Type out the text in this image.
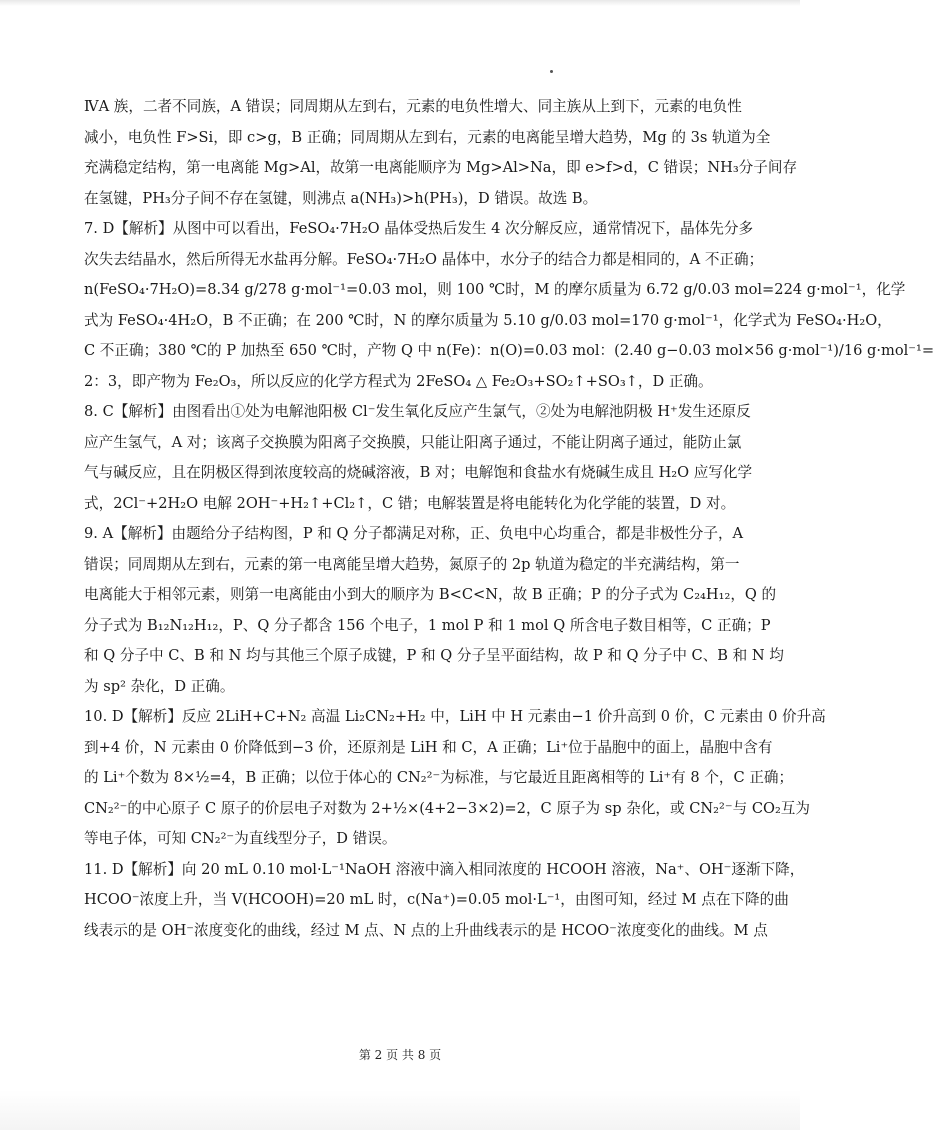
ⅣA 族，二者不同族，A 错误；同周期从左到右，元素的电负性增大、同主族从上到下，元素的电负性
减小，电负性 F>Si，即 c>g，B 正确；同周期从左到右，元素的电离能呈增大趋势，Mg 的 3s 轨道为全
充满稳定结构，第一电离能 Mg>Al，故第一电离能顺序为 Mg>Al>Na，即 e>f>d，C 错误；NH₃分子间存
在氢键，PH₃分子间不存在氢键，则沸点 a(NH₃)>h(PH₃)，D 错误。故选 B。
7. D【解析】从图中可以看出，FeSO₄·7H₂O 晶体受热后发生 4 次分解反应，通常情况下，晶体先分多
次失去结晶水，然后所得无水盐再分解。FeSO₄·7H₂O 晶体中，水分子的结合力都是相同的，A 不正确；
n(FeSO₄·7H₂O)=8.34 g/278 g·mol⁻¹=0.03 mol，则 100 ℃时，M 的摩尔质量为 6.72 g/0.03 mol=224 g·mol⁻¹，化学
式为 FeSO₄·4H₂O，B 不正确；在 200 ℃时，N 的摩尔质量为 5.10 g/0.03 mol=170 g·mol⁻¹，化学式为 FeSO₄·H₂O，
C 不正确；380 ℃的 P 加热至 650 ℃时，产物 Q 中 n(Fe)：n(O)=0.03 mol：(2.40 g−0.03 mol×56 g·mol⁻¹)/16 g·mol⁻¹=
2：3，即产物为 Fe₂O₃，所以反应的化学方程式为 2FeSO₄ △ Fe₂O₃+SO₂↑+SO₃↑，D 正确。
8. C【解析】由图看出①处为电解池阳极 Cl⁻发生氧化反应产生氯气，②处为电解池阴极 H⁺发生还原反
应产生氢气，A 对；该离子交换膜为阳离子交换膜，只能让阳离子通过，不能让阴离子通过，能防止氯
气与碱反应，且在阴极区得到浓度较高的烧碱溶液，B 对；电解饱和食盐水有烧碱生成且 H₂O 应写化学
式，2Cl⁻+2H₂O 电解 2OH⁻+H₂↑+Cl₂↑，C 错；电解装置是将电能转化为化学能的装置，D 对。
9. A【解析】由题给分子结构图，P 和 Q 分子都满足对称，正、负电中心均重合，都是非极性分子，A
错误；同周期从左到右，元素的第一电离能呈增大趋势，氮原子的 2p 轨道为稳定的半充满结构，第一
电离能大于相邻元素，则第一电离能由小到大的顺序为 B<C<N，故 B 正确；P 的分子式为 C₂₄H₁₂，Q 的
分子式为 B₁₂N₁₂H₁₂，P、Q 分子都含 156 个电子，1 mol P 和 1 mol Q 所含电子数目相等，C 正确；P
和 Q 分子中 C、B 和 N 均与其他三个原子成键，P 和 Q 分子呈平面结构，故 P 和 Q 分子中 C、B 和 N 均
为 sp² 杂化，D 正确。
10. D【解析】反应 2LiH+C+N₂ 高温 Li₂CN₂+H₂ 中，LiH 中 H 元素由−1 价升高到 0 价，C 元素由 0 价升高
到+4 价，N 元素由 0 价降低到−3 价，还原剂是 LiH 和 C，A 正确；Li⁺位于晶胞中的面上，晶胞中含有
的 Li⁺个数为 8×½=4，B 正确；以位于体心的 CN₂²⁻为标准，与它最近且距离相等的 Li⁺有 8 个，C 正确；
CN₂²⁻的中心原子 C 原子的价层电子对数为 2+½×(4+2−3×2)=2，C 原子为 sp 杂化，或 CN₂²⁻与 CO₂互为
等电子体，可知 CN₂²⁻为直线型分子，D 错误。
11. D【解析】向 20 mL 0.10 mol·L⁻¹NaOH 溶液中滴入相同浓度的 HCOOH 溶液，Na⁺、OH⁻逐渐下降，
HCOO⁻浓度上升，当 V(HCOOH)=20 mL 时，c(Na⁺)=0.05 mol·L⁻¹，由图可知，经过 M 点在下降的曲
线表示的是 OH⁻浓度变化的曲线，经过 M 点、N 点的上升曲线表示的是 HCOO⁻浓度变化的曲线。M 点
第 2 页 共 8 页
